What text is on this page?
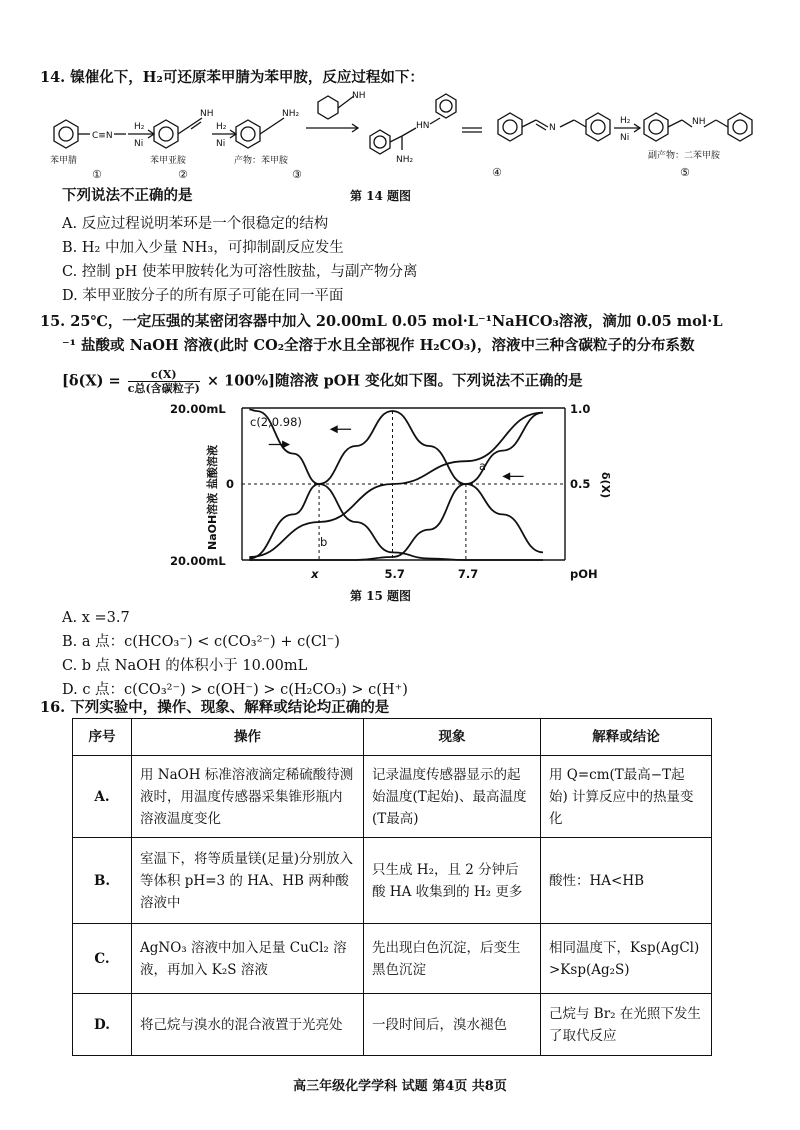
14. 镍催化下，H₂可还原苯甲腈为苯甲胺，反应过程如下：
C≡N
H₂
Ni
NH
H₂
Ni
NH₂
NH
HN
NH₂
N
H₂
Ni
NH
苯甲腈	苯甲亚胺	产物：苯甲胺	副产物：二苯甲胺
①	②	③	④	⑤
下列说法不正确的是	第 14 题图
A. 反应过程说明苯环是一个很稳定的结构
B. H₂ 中加入少量 NH₃，可抑制副反应发生
C. 控制 pH 使苯甲胺转化为可溶性胺盐，与副产物分离
D. 苯甲亚胺分子的所有原子可能在同一平面
15. 25℃，一定压强的某密闭容器中加入 20.00mL 0.05 mol·L⁻¹NaHCO₃溶液，滴加 0.05 mol·L
⁻¹ 盐酸或 NaOH 溶液(此时 CO₂全溶于水且全部视作 H₂CO₃)，溶液中三种含碳粒子的分布系数
[δ(X) =	c(X)
c总(含碳粒子) × 100%]随溶液 pOH 变化如下图。下列说法不正确的是
20.00mL
0
20.00mL
1.0
0.5
pOH
x	5.7	7.7
c(2,0.98)
a
b
NaOH溶液 盐酸溶液	δ(X)
第 15 题图
A. x =3.7
B. a 点：c(HCO₃⁻) < c(CO₃²⁻) + c(Cl⁻)
C. b 点 NaOH 的体积小于 10.00mL
D. c 点：c(CO₃²⁻) > c(OH⁻) > c(H₂CO₃) > c(H⁺)
16. 下列实验中，操作、现象、解释或结论均正确的是
序号	操作	现象	解释或结论
A.	用 NaOH 标准溶液滴定稀硫酸待测液时，用温度传感器采集锥形瓶内溶液温度变化	记录温度传感器显示的起始温度(T起始)、最高温度(T最高)	用 Q=cm(T最高−T起始) 计算反应中的热量变化
B.	室温下，将等质量镁(足量)分别放入等体积 pH=3 的 HA、HB 两种酸溶液中	只生成 H₂，且 2 分钟后酸 HA 收集到的 H₂ 更多	酸性：HA<HB
C.	AgNO₃ 溶液中加入足量 CuCl₂ 溶液，再加入 K₂S 溶液	先出现白色沉淀，后变生黑色沉淀	相同温度下，Ksp(AgCl) >Ksp(Ag₂S)
D.	将己烷与溴水的混合液置于光亮处	一段时间后，溴水褪色	己烷与 Br₂ 在光照下发生了取代反应
高三年级化学学科 试题 第4页 共8页
